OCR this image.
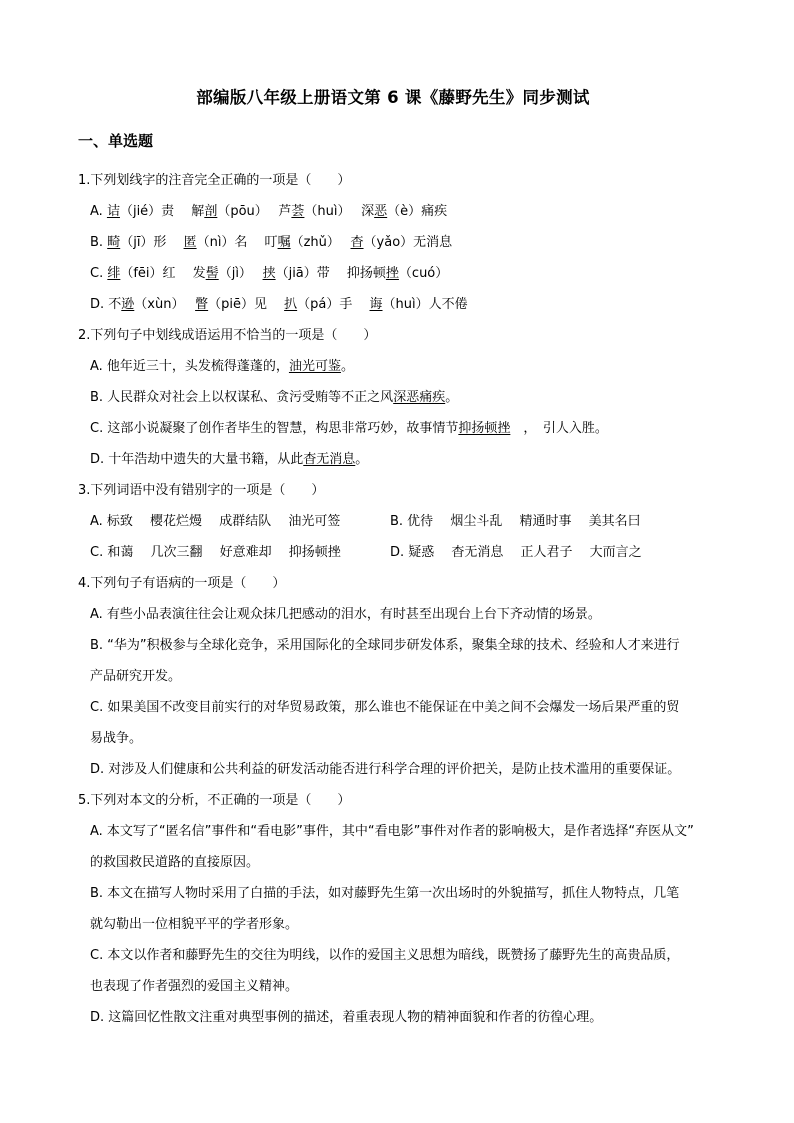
部编版八年级上册语文第 6 课《藤野先生》同步测试
一、单选题
1.下列划线字的注音完全正确的一项是（　　）
A. 诘（jié）责　 解剖（pōu）　 芦荟（huì）　 深恶（è）痛疾
B. 畸（jī）形　 匿（nì）名　 叮嘱（zhǔ）　 杳（yǎo）无消息
C. 绯（fēi）红　 发髻（jì）　 挟（jiā）带　 抑扬顿挫（cuó）
D. 不逊（xùn）　 瞥（piē）见　 扒（pá）手　 诲（huì）人不倦
2.下列句子中划线成语运用不恰当的一项是（　　）
A. 他年近三十，头发梳得蓬蓬的，油光可鉴。
B. 人民群众对社会上以权谋私、贪污受贿等不正之风深恶痛疾。
C. 这部小说凝聚了创作者毕生的智慧，构思非常巧妙，故事情节抑扬顿挫　，　引人入胜。
D. 十年浩劫中遗失的大量书籍，从此杳无消息。
3.下列词语中没有错别字的一项是（　　）
A. 标致　 樱花烂熳　 成群结队　 油光可签	B. 优待　 烟尘斗乱　 精通时事　 美其名曰
C. 和蔼　 几次三翻　 好意难却　 抑扬顿挫	D. 疑惑　 杳无消息　 正人君子　 大而言之
4.下列句子有语病的一项是（　　）
A. 有些小品表演往往会让观众抹几把感动的泪水，有时甚至出现台上台下齐动情的场景。
B. “华为”积极参与全球化竞争，采用国际化的全球同步研发体系，聚集全球的技术、经验和人才来进行
产品研究开发。
C. 如果美国不改变目前实行的对华贸易政策，那么谁也不能保证在中美之间不会爆发一场后果严重的贸
易战争。
D. 对涉及人们健康和公共利益的研发活动能否进行科学合理的评价把关，是防止技术滥用的重要保证。
5.下列对本文的分析，不正确的一项是（　　）
A. 本文写了“匿名信”事件和“看电影”事件，其中“看电影”事件对作者的影响极大，是作者选择“弃医从文”
的救国救民道路的直接原因。
B. 本文在描写人物时采用了白描的手法，如对藤野先生第一次出场时的外貌描写，抓住人物特点，几笔
就勾勒出一位相貌平平的学者形象。
C. 本文以作者和藤野先生的交往为明线，以作的爱国主义思想为暗线，既赞扬了藤野先生的高贵品质，
也表现了作者强烈的爱国主义精神。
D. 这篇回忆性散文注重对典型事例的描述，着重表现人物的精神面貌和作者的彷徨心理。
